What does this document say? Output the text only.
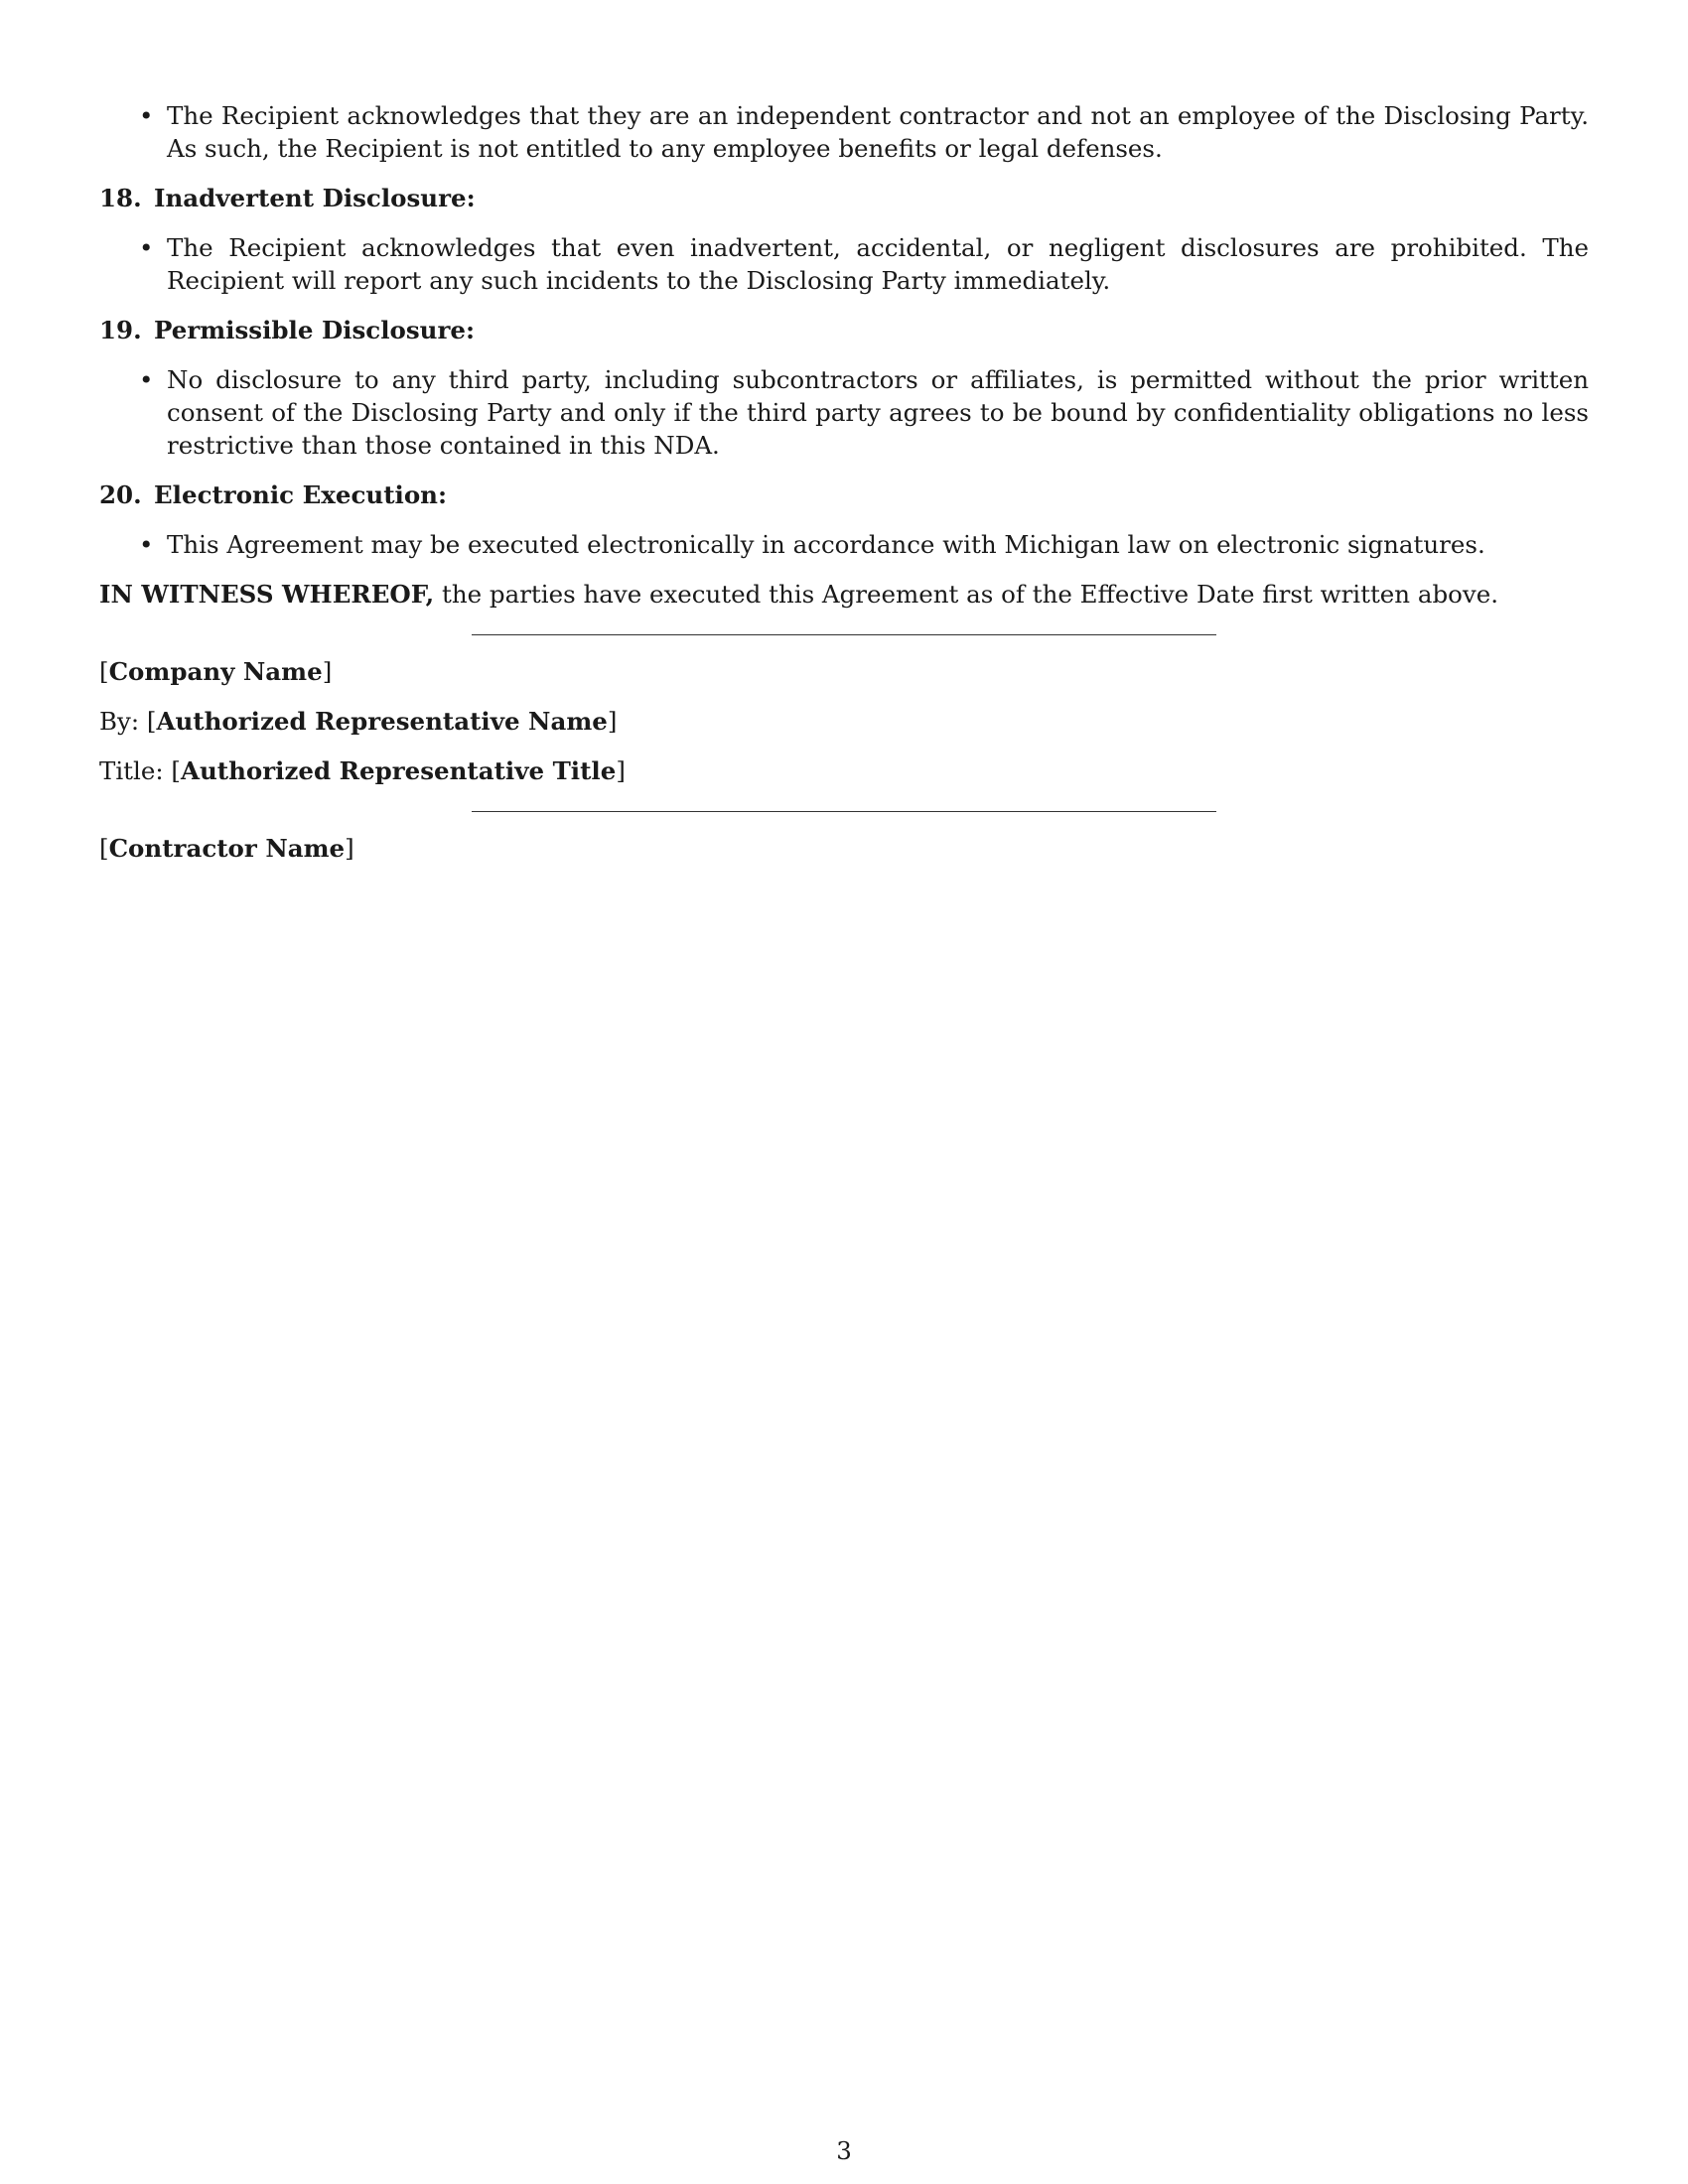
• The Recipient acknowledges that they are an independent contractor and not an employee of the Disclosing Party. As such, the Recipient is not entitled to any employee benefits or legal defenses.

18. Inadvertent Disclosure:

• The Recipient acknowledges that even inadvertent, accidental, or negligent disclosures are prohibited. The Recipient will report any such incidents to the Disclosing Party immediately.

19. Permissible Disclosure:

• No disclosure to any third party, including subcontractors or affiliates, is permitted without the prior written consent of the Disclosing Party and only if the third party agrees to be bound by confidentiality obligations no less restrictive than those contained in this NDA.

20. Electronic Execution:

• This Agreement may be executed electronically in accordance with Michigan law on electronic signatures.

IN WITNESS WHEREOF, the parties have executed this Agreement as of the Effective Date first written above.
[Company Name]
By: [Authorized Representative Name]
Title: [Authorized Representative Title]
[Contractor Name]
3
